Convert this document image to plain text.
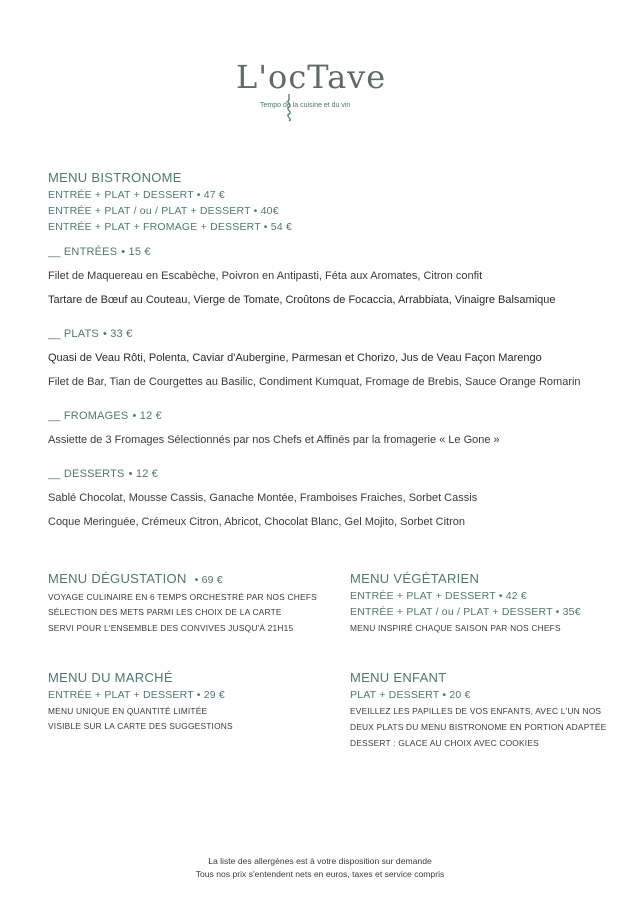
L'ocTave
Tempo de la cuisine et du vin
MENU BISTRONOME
ENTRÉE + PLAT + DESSERT • 47 €
ENTRÉE + PLAT / ou / PLAT + DESSERT • 40€
ENTRÉE + PLAT + FROMAGE + DESSERT • 54 €
__ ENTRÉES • 15 €
Filet de Maquereau en Escabèche, Poivron en Antipasti, Féta aux Aromates, Citron confit
Tartare de Bœuf au Couteau, Vierge de Tomate, Croûtons de Focaccia, Arrabbiata, Vinaigre Balsamique
__ PLATS • 33 €
Quasi de Veau Rôti, Polenta, Caviar d'Aubergine, Parmesan et Chorizo, Jus de Veau Façon Marengo
Filet de Bar, Tian de Courgettes au Basilic, Condiment Kumquat, Fromage de Brebis, Sauce Orange Romarin
__ FROMAGES • 12 €
Assiette de 3 Fromages Sélectionnés par nos Chefs et Affinés par la fromagerie « Le Gone »
__ DESSERTS • 12 €
Sablé Chocolat, Mousse Cassis, Ganache Montée, Framboises Fraiches, Sorbet Cassis
Coque Meringuée, Crémeux Citron, Abricot, Chocolat Blanc, Gel Mojito, Sorbet Citron
MENU DÉGUSTATION • 69 €
VOYAGE CULINAIRE EN 6 TEMPS ORCHESTRÉ PAR NOS CHEFS
SÉLECTION DES METS PARMI LES CHOIX DE LA CARTE
SERVI POUR L'ENSEMBLE DES CONVIVES JUSQU'À 21H15
MENU VÉGÉTARIEN
ENTRÉE + PLAT + DESSERT • 42 €
ENTRÉE + PLAT / ou / PLAT + DESSERT • 35€
MENU INSPIRÉ CHAQUE SAISON PAR NOS CHEFS
MENU DU MARCHÉ
ENTRÉE + PLAT + DESSERT • 29 €
MENU UNIQUE EN QUANTITÉ LIMITÉE
VISIBLE SUR LA CARTE DES SUGGESTIONS
MENU ENFANT
PLAT + DESSERT • 20 €
EVEILLEZ LES PAPILLES DE VOS ENFANTS, AVEC L'UN NOS
DEUX PLATS DU MENU BISTRONOME EN PORTION ADAPTÉE
DESSERT : GLACE AU CHOIX AVEC COOKIES
La liste des allergènes est à votre disposition sur demande
Tous nos prix s'entendent nets en euros, taxes et service compris
